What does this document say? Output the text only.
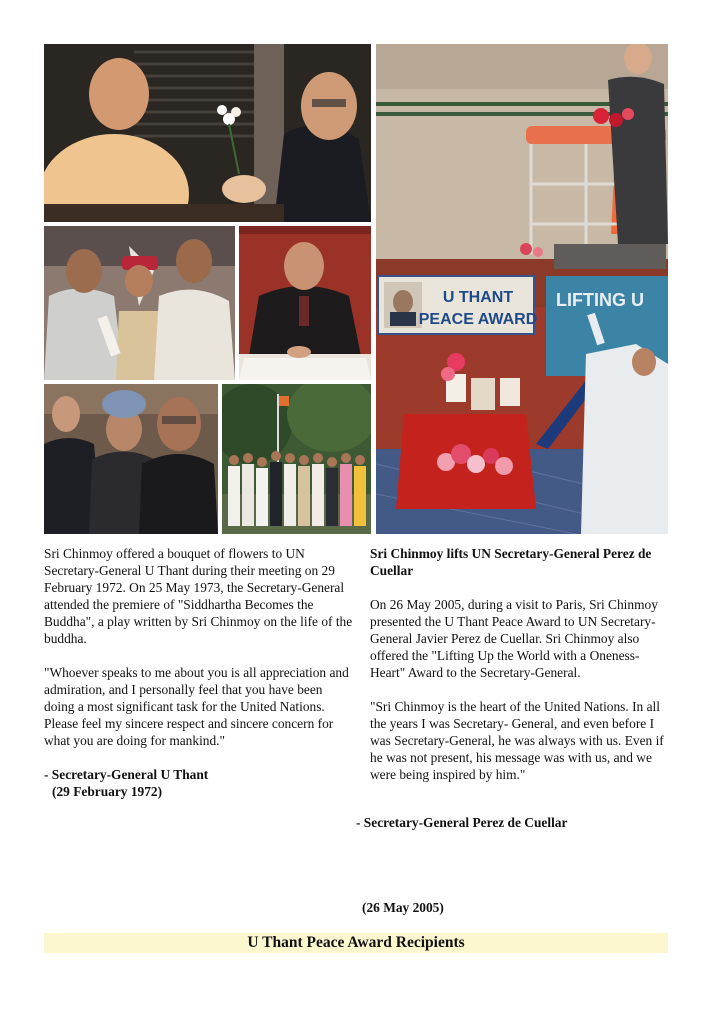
U THANT
PEACE AWARD
LIFTING U

Sri Chinmoy offered a bouquet of flowers to UN Secretary-General U Thant during their meeting on 29 February 1972. On 25 May 1973, the Secretary-General attended the premiere of "Siddhartha Becomes the Buddha", a play written by Sri Chinmoy on the life of the buddha.

"Whoever speaks to me about you is all appreciation and admiration, and I personally feel that you have been doing a most significant task for the United Nations. Please feel my sincere respect and sincere concern for what you are doing for mankind."

- Secretary-General U Thant
(29 February 1972)

Sri Chinmoy lifts UN Secretary-General Perez de Cuellar

On 26 May 2005, during a visit to Paris, Sri Chinmoy presented the U Thant Peace Award to UN Secretary-General Javier Perez de Cuellar. Sri Chinmoy also offered the "Lifting Up the World with a Oneness-Heart" Award to the Secretary-General.

"Sri Chinmoy is the heart of the United Nations. In all the years I was Secretary- General, and even before I was Secretary-General, he was always with us. Even if he was not present, his message was with us, and we were being inspired by him."

- Secretary-General Perez de Cuellar
(26 May 2005)
U Thant Peace Award Recipients
